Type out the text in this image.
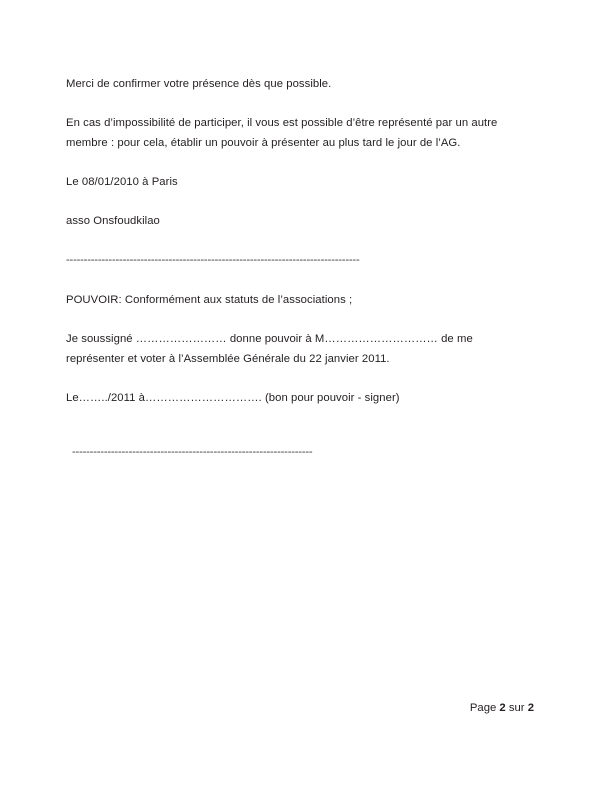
Merci de confirmer votre présence dès que possible.

En cas d’impossibilité de participer, il vous est possible d’être représenté par un autre membre : pour cela, établir un pouvoir à présenter au plus tard le jour de l’AG.

Le 08/01/2010 à Paris

asso Onsfoudkilao

-----------------------------------------------------------------------------------

POUVOIR: Conformément aux statuts de l’associations ;

Je soussigné …………………… donne pouvoir à M………………………… de me représenter et voter à l’Assemblée Générale du 22 janvier 2011.

Le……../2011 à…………………………. (bon pour pouvoir - signer)

--------------------------------------------------------------------

Page 2 sur 2
